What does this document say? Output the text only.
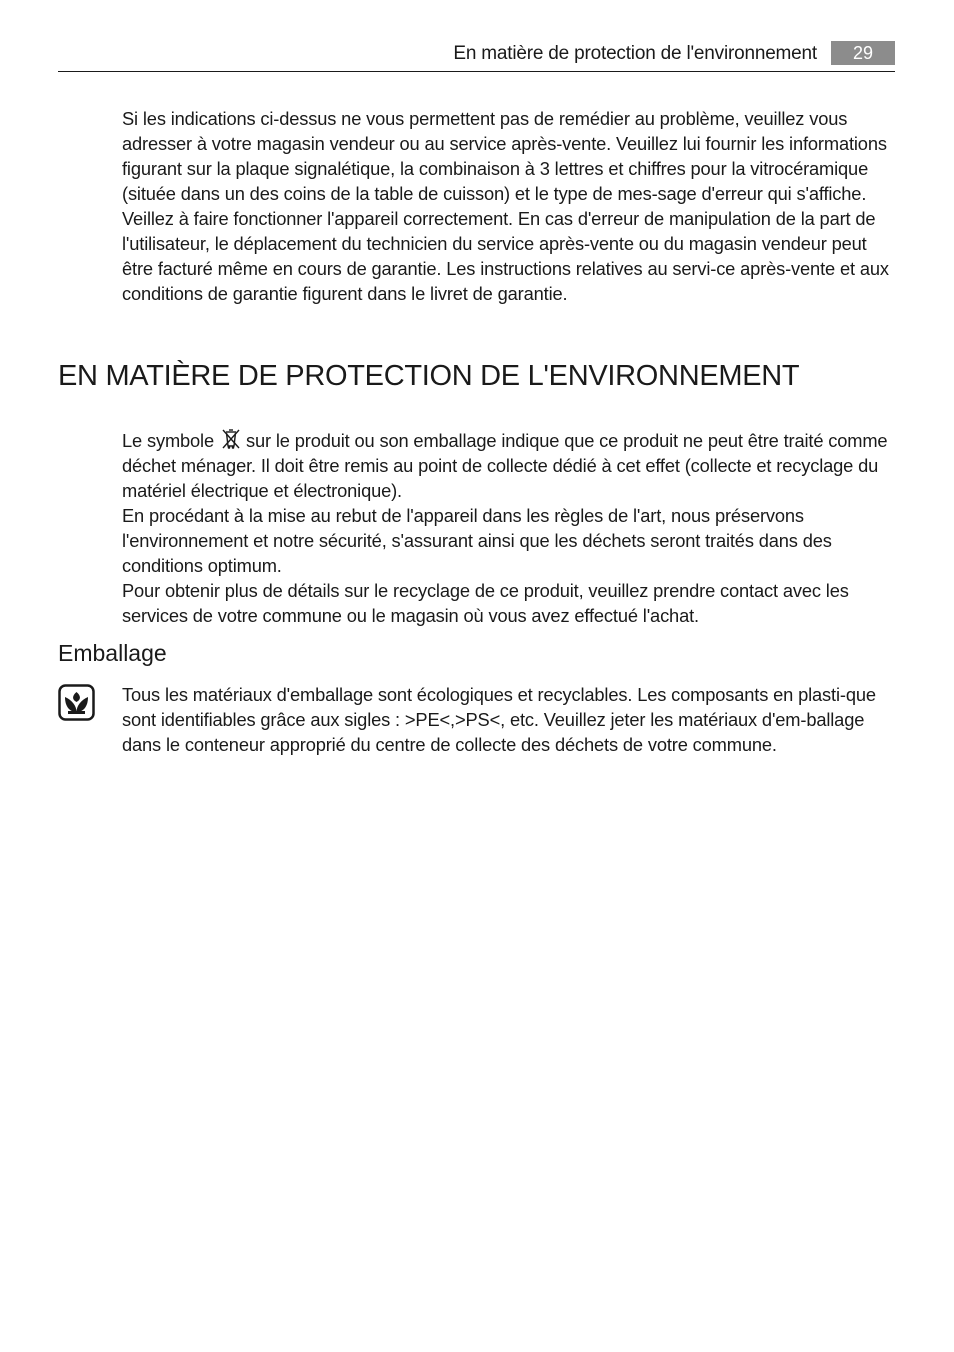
En matière de protection de l'environnement	29

Si les indications ci-dessus ne vous permettent pas de remédier au problème, veuillez vous adresser à votre magasin vendeur ou au service après-vente. Veuillez lui fournir les informations figurant sur la plaque signalétique, la combinaison à 3 lettres et chiffres pour la vitrocéramique (située dans un des coins de la table de cuisson) et le type de mes-sage d'erreur qui s'affiche.

Veillez à faire fonctionner l'appareil correctement. En cas d'erreur de manipulation de la part de l'utilisateur, le déplacement du technicien du service après-vente ou du magasin vendeur peut être facturé même en cours de garantie. Les instructions relatives au servi-ce après-vente et aux conditions de garantie figurent dans le livret de garantie.

EN MATIÈRE DE PROTECTION DE L'ENVIRONNEMENT

Le symbole sur le produit ou son emballage indique que ce produit ne peut être traité comme déchet ménager. Il doit être remis au point de collecte dédié à cet effet (collecte et recyclage du matériel électrique et électronique).

En procédant à la mise au rebut de l'appareil dans les règles de l'art, nous préservons l'environnement et notre sécurité, s'assurant ainsi que les déchets seront traités dans des conditions optimum.

Pour obtenir plus de détails sur le recyclage de ce produit, veuillez prendre contact avec les services de votre commune ou le magasin où vous avez effectué l'achat.

Emballage

Tous les matériaux d'emballage sont écologiques et recyclables. Les composants en plasti-que sont identifiables grâce aux sigles : >PE<,>PS<, etc. Veuillez jeter les matériaux d'em-ballage dans le conteneur approprié du centre de collecte des déchets de votre commune.
